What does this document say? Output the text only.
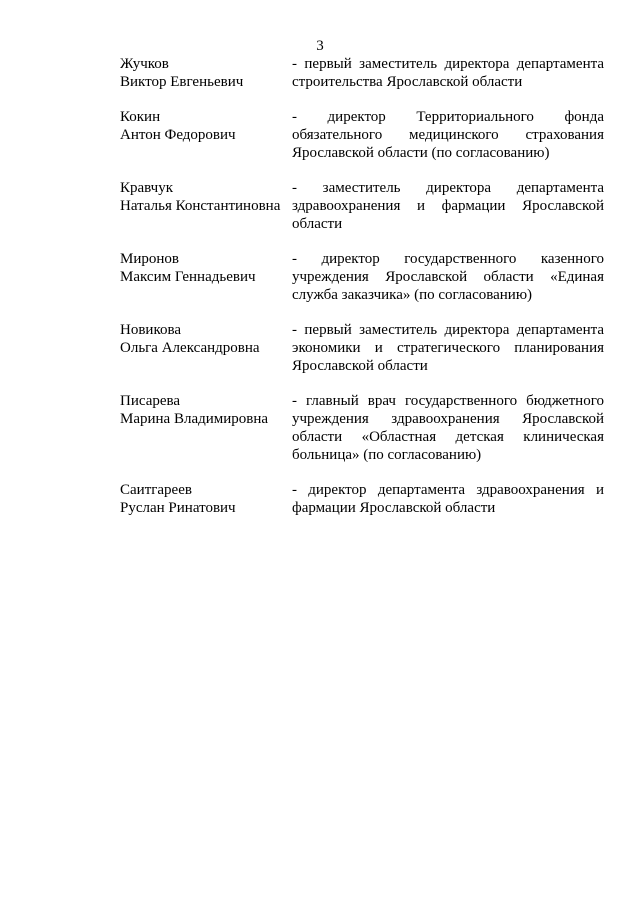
3
Жучков
Виктор Евгеньевич
- первый заместитель директора департамента строительства Ярославской области
Кокин
Антон Федорович
- директор Территориального фонда обязательного медицинского страхования Ярославской области (по согласованию)
Кравчук
Наталья Константиновна
- заместитель директора департамента здравоохранения и фармации Ярославской области
Миронов
Максим Геннадьевич
- директор государственного казенного учреждения Ярославской области «Единая служба заказчика» (по согласованию)
Новикова
Ольга Александровна
- первый заместитель директора департамента экономики и стратегического планирования Ярославской области
Писарева
Марина Владимировна
- главный врач государственного бюджетного учреждения здравоохранения Ярославской области «Областная детская клиническая больница» (по согласованию)
Саитгареев
Руслан Ринатович
- директор департамента здравоохранения и фармации Ярославской области
